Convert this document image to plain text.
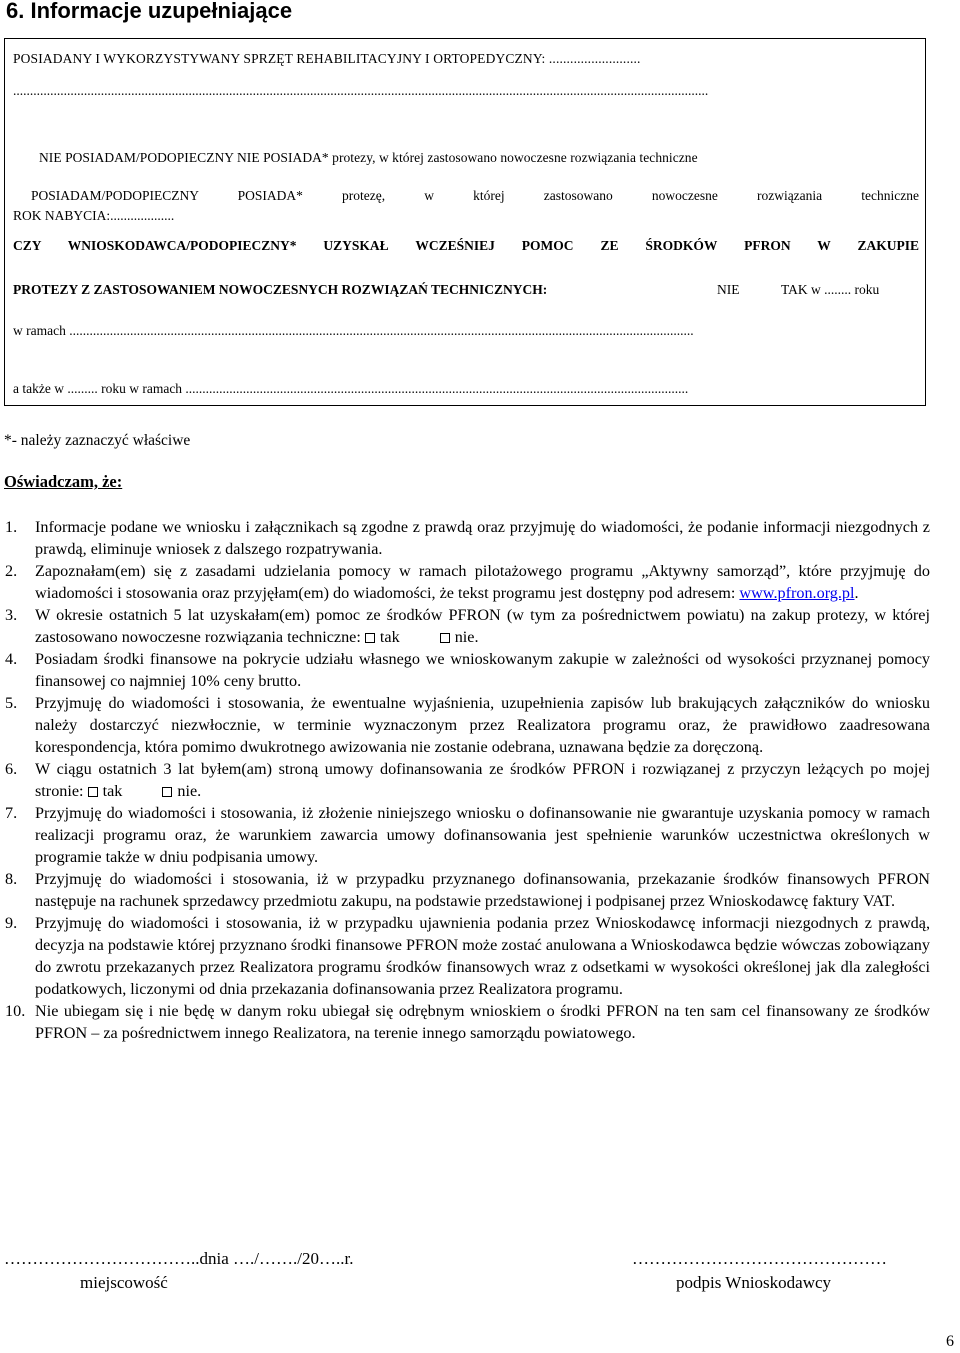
6. Informacje uzupełniające
POSIADANY I WYKORZYSTYWANY SPRZĘT REHABILITACYJNY I ORTOPEDYCZNY: ..........................
..............................................................................................................................................................................................................
NIE POSIADAM/PODOPIECZNY NIE POSIADA* protezy, w której zastosowano nowoczesne rozwiązania techniczne
POSIADAM/PODOPIECZNY POSIADA* protezę, w której zastosowano nowoczesne rozwiązania techniczne
ROK NABYCIA:...................
CZY WNIOSKODAWCA/PODOPIECZNY* UZYSKAŁ WCZEŚNIEJ POMOC ZE ŚRODKÓW PFRON W ZAKUPIE
PROTEZY Z ZASTOSOWANIEM NOWOCZESNYCH ROZWIĄZAŃ TECHNICZNYCH:	NIE	TAK w ........ roku
w ramach .........................................................................................................................................................................................
a także w ......... roku w ramach .....................................................................................................................................................
*- należy zaznaczyć właściwe
Oświadczam, że:
1. Informacje podane we wniosku i załącznikach są zgodne z prawdą oraz przyjmuję do wiadomości, że podanie informacji niezgodnych z prawdą, eliminuje wniosek z dalszego rozpatrywania.
2. Zapoznałam(em) się z zasadami udzielania pomocy w ramach pilotażowego programu „Aktywny samorząd”, które przyjmuję do wiadomości i stosowania oraz przyjęłam(em) do wiadomości, że tekst programu jest dostępny pod adresem: www.pfron.org.pl.
3. W okresie ostatnich 5 lat uzyskałam(em) pomoc ze środków PFRON (w tym za pośrednictwem powiatu) na zakup protezy, w której zastosowano nowoczesne rozwiązania techniczne: tak	nie.
4. Posiadam środki finansowe na pokrycie udziału własnego we wnioskowanym zakupie w zależności od wysokości przyznanej pomocy finansowej co najmniej 10% ceny brutto.
5. Przyjmuję do wiadomości i stosowania, że ewentualne wyjaśnienia, uzupełnienia zapisów lub brakujących załączników do wniosku należy dostarczyć niezwłocznie, w terminie wyznaczonym przez Realizatora programu oraz, że prawidłowo zaadresowana korespondencja, która pomimo dwukrotnego awizowania nie zostanie odebrana, uznawana będzie za doręczoną.
6. W ciągu ostatnich 3 lat byłem(am) stroną umowy dofinansowania ze środków PFRON i rozwiązanej z przyczyn leżących po mojej stronie: tak	nie.
7. Przyjmuję do wiadomości i stosowania, iż złożenie niniejszego wniosku o dofinansowanie nie gwarantuje uzyskania pomocy w ramach realizacji programu oraz, że warunkiem zawarcia umowy dofinansowania jest spełnienie warunków uczestnictwa określonych w programie także w dniu podpisania umowy.
8. Przyjmuję do wiadomości i stosowania, iż w przypadku przyznanego dofinansowania, przekazanie środków finansowych PFRON następuje na rachunek sprzedawcy przedmiotu zakupu, na podstawie przedstawionej i podpisanej przez Wnioskodawcę faktury VAT.
9. Przyjmuję do wiadomości i stosowania, iż w przypadku ujawnienia podania przez Wnioskodawcę informacji niezgodnych z prawdą, decyzja na podstawie której przyznano środki finansowe PFRON może zostać anulowana a Wnioskodawca będzie wówczas zobowiązany do zwrotu przekazanych przez Realizatora programu środków finansowych wraz z odsetkami w wysokości określonej jak dla zaległości podatkowych, liczonymi od dnia przekazania dofinansowania przez Realizatora programu.
10. Nie ubiegam się i nie będę w danym roku ubiegał się odrębnym wnioskiem o środki PFRON na ten sam cel finansowany ze środków PFRON – za pośrednictwem innego Realizatora, na terenie innego samorządu powiatowego.
……………………………..dnia …./……./20…..r.	………………………………………
miejscowość	podpis Wnioskodawcy
6
